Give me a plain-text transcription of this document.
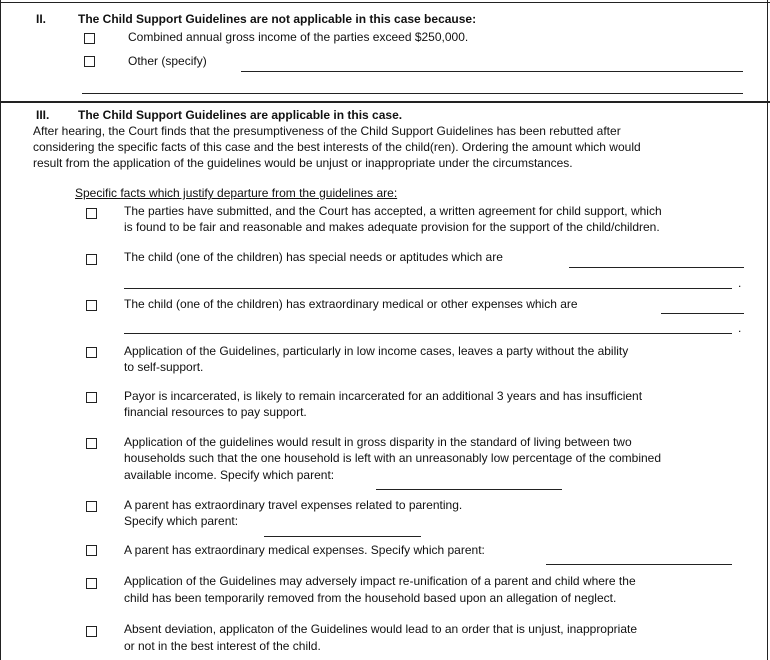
II.	The Child Support Guidelines are not applicable in this case because:
Combined annual gross income of the parties exceed $250,000.
Other (specify)
III. The Child Support Guidelines are applicable in this case.
After hearing, the Court finds that the presumptiveness of the Child Support Guidelines has been rebutted after
considering the specific facts of this case and the best interests of the child(ren). Ordering the amount which would
result from the application of the guidelines would be unjust or inappropriate under the circumstances.
Specific facts which justify departure from the guidelines are:
The parties have submitted, and the Court has accepted, a written agreement for child support, which
is found to be fair and reasonable and makes adequate provision for the support of the child/children.
The child (one of the children) has special needs or aptitudes which are
.
The child (one of the children) has extraordinary medical or other expenses which are
.
Application of the Guidelines, particularly in low income cases, leaves a party without the ability
to self-support.
Payor is incarcerated, is likely to remain incarcerated for an additional 3 years and has insufficient
financial resources to pay support.
Application of the guidelines would result in gross disparity in the standard of living between two
households such that the one household is left with an unreasonably low percentage of the combined
available income. Specify which parent:
A parent has extraordinary travel expenses related to parenting.
Specify which parent:
A parent has extraordinary medical expenses. Specify which parent:
Application of the Guidelines may adversely impact re-unification of a parent and child where the
child has been temporarily removed from the household based upon an allegation of neglect.
Absent deviation, applicaton of the Guidelines would lead to an order that is unjust, inappropriate
or not in the best interest of the child.
